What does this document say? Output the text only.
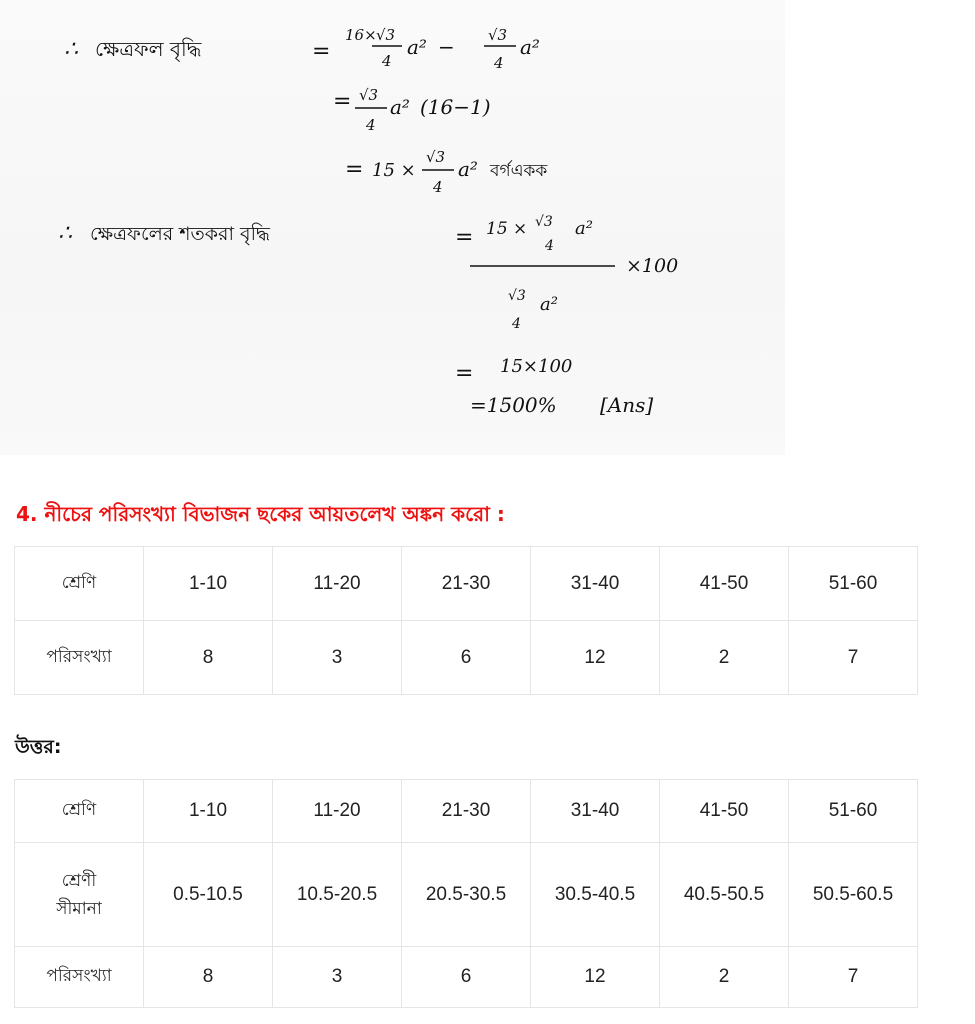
∴ ক্ষেত্রফল বৃদ্ধি	=
16× √3
4
a² − √3
4
a²
= √3
4
a² (16−1)
= 15 ×
√3
4
a² বর্গএকক
∴ ক্ষেত্রফলের শতকরা বৃদ্ধি	= 15 × √3
4
a²
×100
√3
4
a²
= 15×100
=1500% [Ans]

4. নীচের পরিসংখ্যা বিভাজন ছকের আয়তলেখ অঙ্কন করো :

শ্রেণি	1-10	11-20	21-30	31-40	41-50	51-60
পরিসংখ্যা	8	3	6	12	2	7

উত্তর:

শ্রেণি	1-10	11-20	21-30	31-40	41-50	51-60
শ্রেণী
সীমানা	0.5-10.5	10.5-20.5	20.5-30.5	30.5-40.5	40.5-50.5	50.5-60.5
পরিসংখ্যা	8	3	6	12	2	7
